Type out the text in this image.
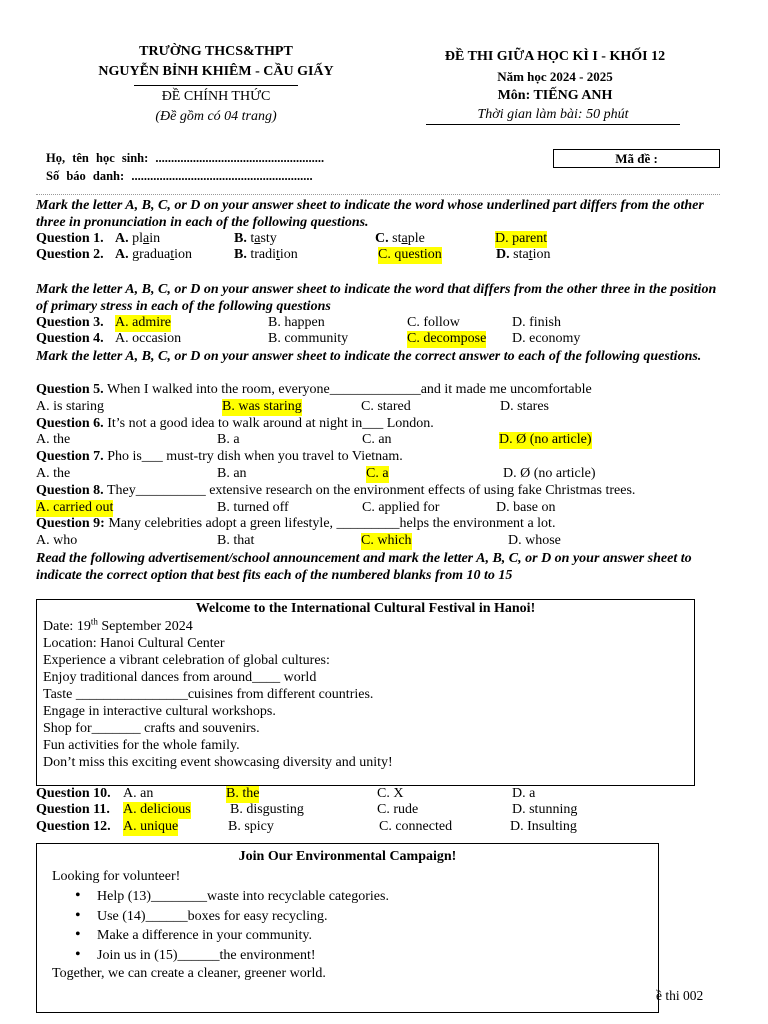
TRƯỜNG THCS&THPT
NGUYỄN BỈNH KHIÊM - CẦU GIẤY
ĐỀ CHÍNH THỨC
(Đề gồm có 04 trang)
ĐỀ THI GIỮA HỌC KÌ I - KHỐI 12
Năm học 2024 - 2025
Môn: TIẾNG ANH
Thời gian làm bài: 50 phút
Họ, tên học sinh: ......................................................
Số báo danh: ..........................................................
Mã đề :
Mark the letter A, B, C, or D on your answer sheet to indicate the word whose underlined part differs from the other three in pronunciation in each of the following questions.
Question 1. A. plain	B. tasty	C. staple	D. parent
Question 2. A. graduation	B. tradition	C. question	D. station
Mark the letter A, B, C, or D on your answer sheet to indicate the word that differs from the other three in the position of primary stress in each of the following questions
Question 3. A. admire	B. happen	C. follow	D. finish
Question 4. A. occasion	B. community	C. decompose D. economy
Mark the letter A, B, C, or D on your answer sheet to indicate the correct answer to each of the following questions.
Question 5. When I walked into the room, everyone_____________and it made me uncomfortable
A. is staring	B. was staring	C. stared	D. stares
Question 6. It’s not a good idea to walk around at night in___ London.
A. the	B. a	C. an	D. Ø (no article)
Question 7. Pho is___ must-try dish when you travel to Vietnam.
A. the	B. an	C. a	D. Ø (no article)
Question 8. They__________ extensive research on the environment effects of using fake Christmas trees.
A. carried out	B. turned off	C. applied for	D. base on
Question 9: Many celebrities adopt a green lifestyle, _________helps the environment a lot.
A. who	B. that	C. which	D. whose
Read the following advertisement/school announcement and mark the letter A, B, C, or D on your answer sheet to indicate the correct option that best fits each of the numbered blanks from 10 to 15
Welcome to the International Cultural Festival in Hanoi!
Date: 19th September 2024
Location: Hanoi Cultural Center
Experience a vibrant celebration of global cultures:
Enjoy traditional dances from around____ world
Taste ________________cuisines from different countries.
Engage in interactive cultural workshops.
Shop for_______ crafts and souvenirs.
Fun activities for the whole family.
Don’t miss this exciting event showcasing diversity and unity!
Question 10. A. an	B. the	C. X	D. a
Question 11. A. delicious	B. disgusting	C. rude	D. stunning
Question 12. A. unique	B. spicy	C. connected	D. Insulting
Join Our Environmental Campaign!
Looking for volunteer!
• Help (13)________waste into recyclable categories.
• Use (14)______boxes for easy recycling.
• Make a difference in your community.
• Join us in (15)______the environment!
Together, we can create a cleaner, greener world.
ề thi 002
